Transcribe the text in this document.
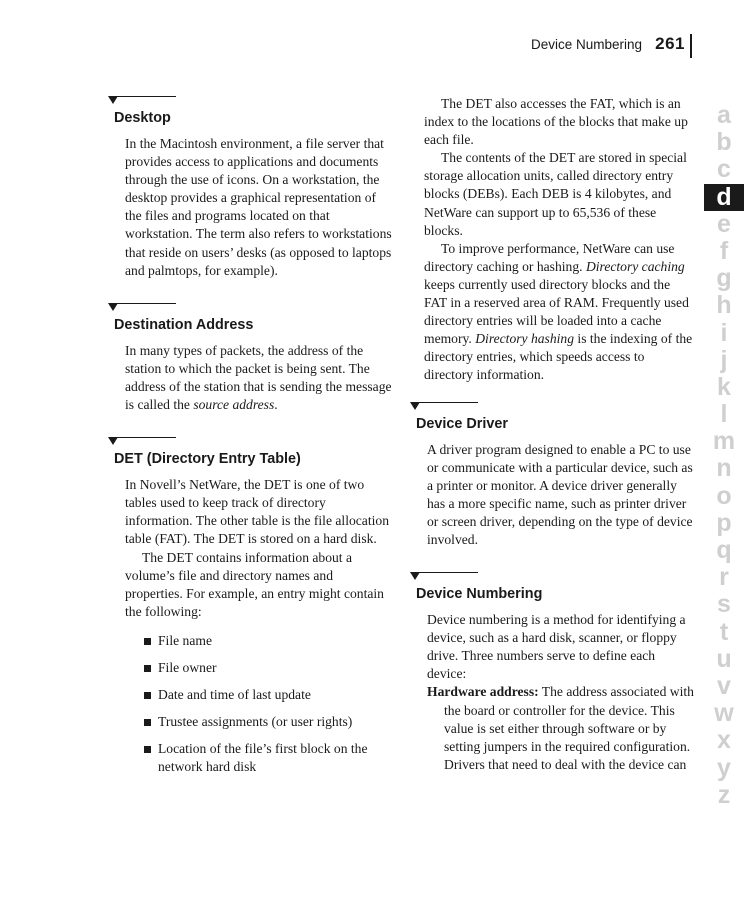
Device Numbering 261
Desktop

In the Macintosh environment, a file server that provides access to applications and documents through the use of icons. On a workstation, the desktop provides a graphical representation of the files and programs located on that workstation. The term also refers to workstations that reside on users’ desks (as opposed to laptops and palmtops, for example).

Destination Address

In many types of packets, the address of the station to which the packet is being sent. The address of the station that is sending the message is called the source address.

DET (Directory Entry Table)

In Novell’s NetWare, the DET is one of two tables used to keep track of directory information. The other table is the file allocation table (FAT). The DET is stored on a hard disk.

The DET contains information about a volume’s file and directory names and properties. For example, an entry might contain the following:

File name
File owner
Date and time of last update
Trustee assignments (or user rights)
Location of the file’s first block on the network hard disk

The DET also accesses the FAT, which is an index to the locations of the blocks that make up each file.

The contents of the DET are stored in special storage allocation units, called directory entry blocks (DEBs). Each DEB is 4 kilobytes, and NetWare can support up to 65,536 of these blocks.

To improve performance, NetWare can use directory caching or hashing. Directory caching keeps currently used directory blocks and the FAT in a reserved area of RAM. Frequently used directory entries will be loaded into a cache memory. Directory hashing is the indexing of the directory entries, which speeds access to directory information.

Device Driver

A driver program designed to enable a PC to use or communicate with a particular device, such as a printer or monitor. A device driver generally has a more specific name, such as printer driver or screen driver, depending on the type of device involved.

Device Numbering

Device numbering is a method for identifying a device, such as a hard disk, scanner, or floppy drive. Three numbers serve to define each device:

Hardware address: The address associated with the board or controller for the device. This value is set either through software or by setting jumpers in the required configuration. Drivers that need to deal with the device can

a
b
c
d
e
f
g
h
i
j
k
l
m
n
o
p
q
r
s
t
u
v
w
x
y
z
